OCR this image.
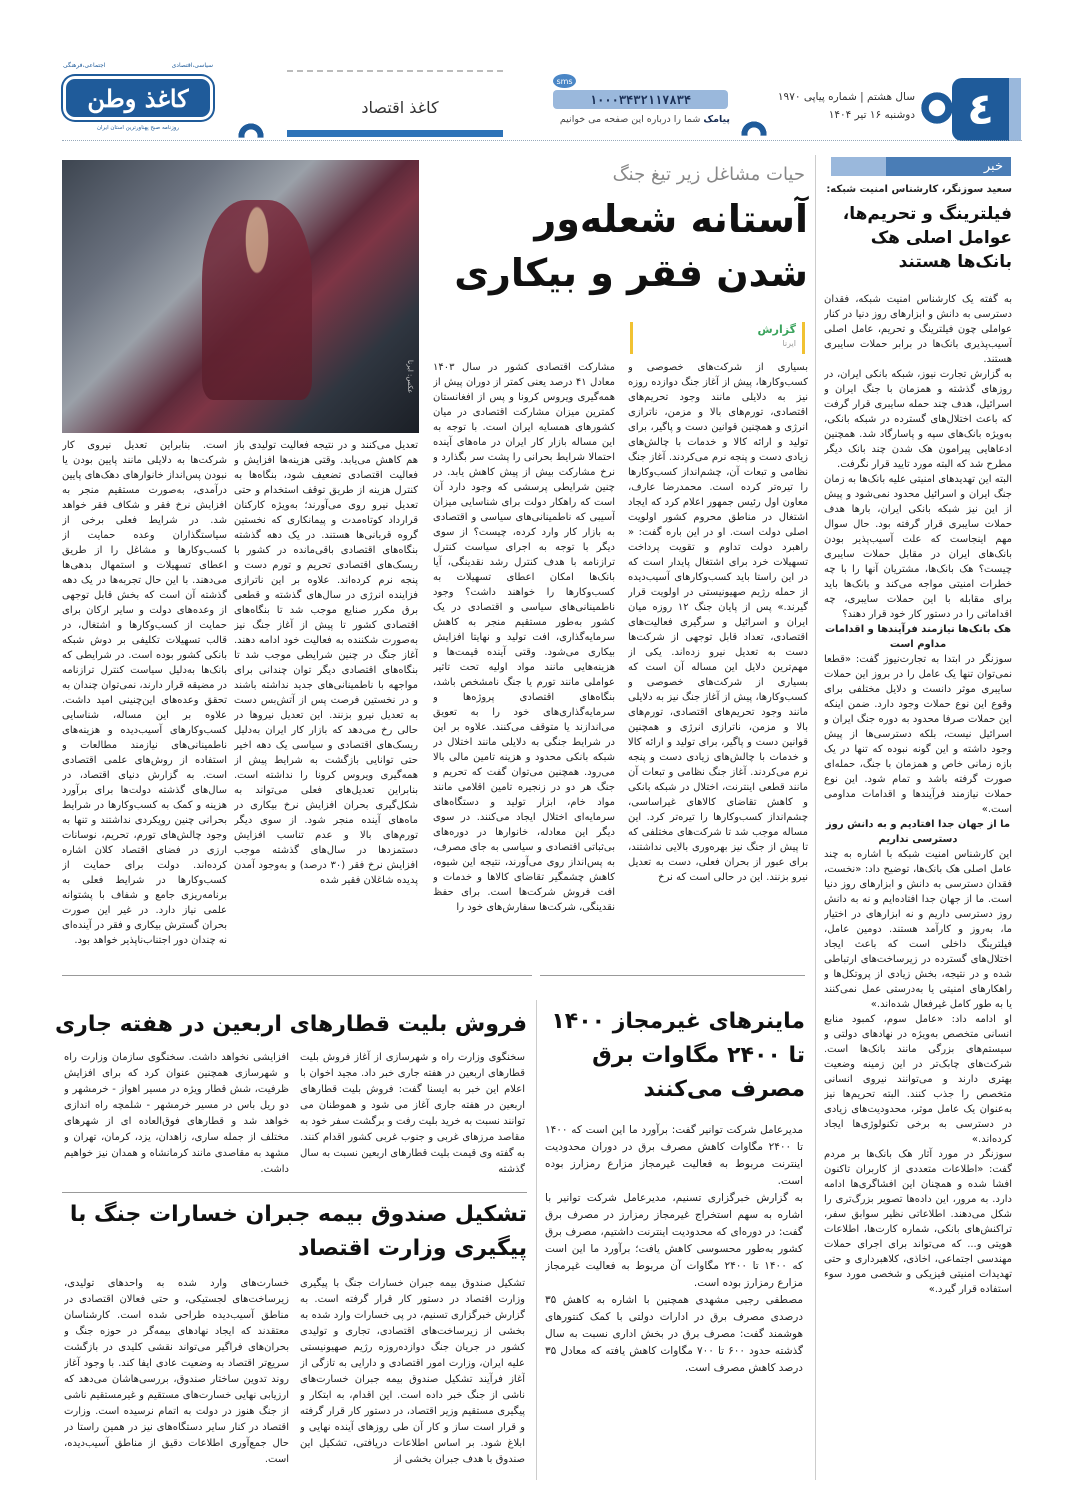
٤
سال هشتم | شماره پیاپی ۱۹۷۰
دوشنبه ۱۶ تیر ۱۴۰۴
۱۰۰۰۳۴۳۲۱۱۷۸۳۴
sms
پیامک شما را درباره این صفحه می خوانیم
کاغذ اقتصاد
سیاسی،اقتصادی
اجتماعی،فرهنگی
کاغذ وطن
روزنامه صبح پهناورترین استان ایران
خبر
سعید سوزنگر، کارشناس امنیت شبکه:
فیلترینگ و تحریم‌ها، عوامل اصلی هک بانک‌ها هستند

به گفته یک کارشناس امنیت شبکه، فقدان دسترسی به دانش و ابزارهای روز دنیا در کنار عواملی چون فیلترینگ و تحریم، عامل اصلی آسیب‌پذیری بانک‌ها در برابر حملات سایبری هستند.

به گزارش تجارت نیوز، شبکه بانکی ایران، در روزهای گذشته و همزمان با جنگ ایران و اسرائیل، هدف چند حمله سایبری قرار گرفت که باعث اختلال‌های گسترده در شبکه بانکی، به‌ویژه بانک‌های سپه و پاسارگاد شد. همچنین ادعاهایی پیرامون هک شدن چند بانک دیگر مطرح شد که البته مورد تایید قرار نگرفت.

البته این تهدیدهای امنیتی علیه بانک‌ها به زمان جنگ ایران و اسرائیل محدود نمی‌شود و پیش از این نیز شبکه بانکی ایران، بارها هدف حملات سایبری قرار گرفته بود. حال سوال مهم اینجاست که علت آسیب‌پذیر بودن بانک‌های ایران در مقابل حملات سایبری چیست؟ هک بانک‌ها، مشتریان آنها را با چه خطرات امنیتی مواجه می‌کند و بانک‌ها باید برای مقابله با این حملات سایبری، چه اقداماتی را در دستور کار خود قرار دهند؟

هک بانک‌ها نیازمند فرآیندها و اقدامات مداوم است

سوزنگر در ابتدا به تجارت‌نیوز گفت: «قطعا نمی‌توان تنها یک عامل را در بروز این حملات سایبری موثر دانست و دلایل مختلفی برای وقوع این نوع حملات وجود دارد. ضمن اینکه این حملات صرفا محدود به دوره جنگ ایران و اسرائیل نیست، بلکه دسترسی‌ها از پیش وجود داشته و این گونه نبوده که تنها در یک بازه زمانی خاص و همزمان با جنگ، حمله‌ای صورت گرفته باشد و تمام شود. این نوع حملات نیازمند فرآیندها و اقدامات مداومی است.»

ما از جهان جدا افتادیم و به دانش روز دسترسی نداریم

این کارشناس امنیت شبکه با اشاره به چند عامل اصلی هک بانک‌ها، توضیح داد: «نخست، فقدان دسترسی به دانش و ابزارهای روز دنیا است. ما از جهان جدا افتاده‌ایم و نه به دانش روز دسترسی داریم و نه ابزارهای در اختیار ما، به‌روز و کارآمد هستند. دومین عامل، فیلترینگ داخلی است که باعث ایجاد اختلال‌های گسترده در زیرساخت‌های ارتباطی شده و در نتیجه، بخش زیادی از پروتکل‌ها و راهکارهای امنیتی یا به‌درستی عمل نمی‌کنند یا به طور کامل غیرفعال شده‌اند.»

او ادامه داد: «عامل سوم، کمبود منابع انسانی متخصص به‌ویژه در نهادهای دولتی و سیستم‌های بزرگی مانند بانک‌ها است. شرکت‌های چابک‌تر در این زمینه وضعیت بهتری دارند و می‌توانند نیروی انسانی متخصص را جذب کنند. البته تحریم‌ها نیز به‌عنوان یک عامل موثر، محدودیت‌های زیادی در دسترسی به برخی تکنولوژی‌ها ایجاد کرده‌اند.»

سوزنگر در مورد آثار هک بانک‌ها بر مردم گفت: «اطلاعات متعددی از کاربران تاکنون افشا شده و همچنان این افشاگری‌ها ادامه دارد. به مرور، این داده‌ها تصویر بزرگ‌تری را شکل می‌دهند. اطلاعاتی نظیر سوابق سفر، تراکنش‌های بانکی، شماره کارت‌ها، اطلاعات هویتی و... که می‌تواند برای اجرای حملات مهندسی اجتماعی، اخاذی، کلاهبرداری و حتی تهدیدات امنیتی فیزیکی و شخصی مورد سوء استفاده قرار گیرد.»

عکس: ایرنا
حیات مشاغل زیر تیغ جنگ
آستانه شعله‌ور شدن فقر و بیکاری
گزارش
ایرنا

بسیاری از شرکت‌های خصوصی و کسب‌وکارها، پیش از آغاز جنگ دوازده روزه نیز به دلایلی مانند وجود تحریم‌های اقتصادی، تورم‌های بالا و مزمن، ناترازی انرژی و همچنین قوانین دست و پاگیر، برای تولید و ارائه کالا و خدمات با چالش‌های زیادی دست و پنجه نرم می‌کردند. آغاز جنگ نظامی و تبعات آن، چشم‌انداز کسب‌وکارها را تیره‌تر کرده است. محمدرضا عارف، معاون اول رئیس جمهور اعلام کرد که ایجاد اشتغال در مناطق محروم کشور اولویت اصلی دولت است. او در این باره گفت: « راهبرد دولت تداوم و تقویت پرداخت تسهیلات خرد برای اشتغال پایدار است که در این راستا باید کسب‌وکارهای آسیب‌دیده از حمله رژیم صهیونیستی در اولویت قرار گیرند.» پس از پایان جنگ ۱۲ روزه میان ایران و اسرائیل و سرگیری فعالیت‌های اقتصادی، تعداد قابل توجهی از شرکت‌ها دست به تعدیل نیرو زده‌اند. یکی از مهم‌ترین دلایل این مساله آن است که بسیاری از شرکت‌های خصوصی و کسب‌وکارها، پیش از آغاز جنگ نیز به دلایلی مانند وجود تحریم‌های اقتصادی، تورم‌های بالا و مزمن، ناترازی انرژی و همچنین قوانین دست و پاگیر، برای تولید و ارائه کالا و خدمات با چالش‌های زیادی دست و پنجه نرم می‌کردند. آغاز جنگ نظامی و تبعات آن مانند قطعی اینترنت، اختلال در شبکه بانکی و کاهش تقاضای کالاهای غیراساسی، چشم‌انداز کسب‌وکارها را تیره‌تر کرد. این مساله موجب شد تا شرکت‌های مختلفی که تا پیش از جنگ نیز بهره‌وری بالایی نداشتند، برای عبور از بحران فعلی، دست به تعدیل نیرو بزنند. این در حالی است که نرخ

مشارکت اقتصادی کشور در سال ۱۴۰۳ معادل ۴۱ درصد یعنی کمتر از دوران پیش از همه‌گیری ویروس کرونا و پس از افغانستان کمترین میزان مشارکت اقتصادی در میان کشورهای همسایه ایران است. با توجه به این مساله بازار کار ایران در ماه‌های آینده احتمالا شرایط بحرانی را پشت سر بگذارد و نرخ مشارکت بیش از پیش کاهش یابد. در چنین شرایطی پرسشی که وجود دارد آن است که راهکار دولت برای شناسایی میزان آسیبی که ناطمینانی‌های سیاسی و اقتصادی به بازار کار وارد کرده، چیست؟ از سوی دیگر با توجه به اجرای سیاست کنترل ترازنامه با هدف کنترل رشد نقدینگی، آیا بانک‌ها امکان اعطای تسهیلات به کسب‌وکارها را خواهند داشت؟ وجود ناطمینانی‌های سیاسی و اقتصادی در یک کشور به‌طور مستقیم منجر به کاهش سرمایه‌گذاری، افت تولید و نهایتا افزایش بیکاری می‌شود. وقتی آینده قیمت‌ها و هزینه‌هایی مانند مواد اولیه تحت تاثیر عواملی مانند تورم یا جنگ نامشخص باشد، بنگاه‌های اقتصادی پروژه‌ها و سرمایه‌گذاری‌های خود را به تعویق می‌اندازند یا متوقف می‌کنند. علاوه بر این در شرایط جنگی به دلایلی مانند اختلال در شبکه بانکی محدود و هزینه تامین مالی بالا می‌رود. همچنین می‌توان گفت که تحریم و جنگ هر دو در زنجیره تامین اقلامی مانند مواد خام، ابزار تولید و دستگاه‌های سرمایه‌ای اختلال ایجاد می‌کنند. در سوی دیگر این معادله، خانوارها در دوره‌های بی‌ثباتی اقتصادی و سیاسی به جای مصرف، به پس‌انداز روی می‌آورند، نتیجه این شیوه، کاهش چشمگیر تقاضای کالاها و خدمات و افت فروش شرکت‌ها است. برای حفظ نقدینگی، شرکت‌ها سفارش‌های خود را

تعدیل می‌کنند و در نتیجه فعالیت تولیدی باز هم کاهش می‌یابد. وقتی هزینه‌ها افزایش و فعالیت اقتصادی تضعیف شود، بنگاه‌ها به کنترل هزینه از طریق توقف استخدام و حتی تعدیل نیرو روی می‌آورند؛ به‌ویژه کارکنان قرارداد کوتاه‌مدت و پیمانکاری که نخستین گروه قربانی‌ها هستند. در یک دهه گذشته بنگاه‌های اقتصادی باقی‌مانده در کشور با ریسک‌های اقتصادی تحریم و تورم دست و پنجه نرم کرده‌اند. علاوه بر این ناترازی فزاینده انرژی در سال‌های گذشته و قطعی برق مکرر صنایع موجب شد تا بنگاه‌های اقتصادی کشور تا پیش از آغاز جنگ نیز به‌صورت شکننده به فعالیت خود ادامه دهند. آغاز جنگ در چنین شرایطی موجب شد تا بنگاه‌های اقتصادی دیگر توان چندانی برای مواجهه با ناطمینانی‌های جدید نداشته باشند و در نخستین فرصت پس از آتش‌بس دست به تعدیل نیرو بزنند. این تعدیل نیروها در حالی رخ می‌دهد که بازار کار ایران به‌دلیل ریسک‌های اقتصادی و سیاسی یک دهه اخیر حتی توانایی بازگشت به شرایط پیش از همه‌گیری ویروس کرونا را نداشته است. بنابراین تعدیل‌های فعلی می‌تواند به شکل‌گیری بحران افزایش نرخ بیکاری در ماه‌های آینده منجر شود. از سوی دیگر تورم‌های بالا و عدم تناسب افزایش دستمزدها در سال‌های گذشته موجب افزایش نرخ فقر (۳۰ درصد) و به‌وجود آمدن پدیده شاغلان فقیر شده

است. بنابراین تعدیل نیروی کار شرکت‌ها به دلایلی مانند پایین بودن یا نبودن پس‌انداز خانوارهای دهک‌های پایین درآمدی، به‌صورت مستقیم منجر به افزایش نرخ فقر و شکاف فقر خواهد شد. در شرایط فعلی برخی از سیاستگذاران وعده حمایت از کسب‌وکارها و مشاغل را از طریق اعطای تسهیلات و استمهال بدهی‌ها می‌دهند. با این حال تجربه‌ها در یک دهه گذشته آن است که بخش قابل توجهی از وعده‌های دولت و سایر ارکان برای حمایت از کسب‌وکارها و اشتغال، در قالب تسهیلات تکلیفی بر دوش شبکه بانکی کشور بوده است. در شرایطی که بانک‌ها به‌دلیل سیاست کنترل ترازنامه در مضیقه قرار دارند، نمی‌توان چندان به تحقق وعده‌های این‌چنینی امید داشت. علاوه بر این مساله، شناسایی کسب‌وکارهای آسیب‌دیده و هزینه‌های ناطمینانی‌های نیازمند مطالعات و استفاده از روش‌های علمی اقتصادی است. به گزارش دنیای اقتصاد، در سال‌های گذشته دولت‌ها برای برآورد هزینه و کمک به کسب‌وکارها در شرایط بحرانی چنین رویکردی نداشتند و تنها به وجود چالش‌های تورم، تحریم، نوسانات ارزی در فضای اقتصاد کلان اشاره کرده‌اند. دولت برای حمایت از کسب‌وکارها در شرایط فعلی به برنامه‌ریزی جامع و شفاف با پشتوانه علمی نیاز دارد. در غیر این صورت بحران گسترش بیکاری و فقر در آینده‌ای نه چندان دور اجتناب‌ناپذیر خواهد بود.

ماینرهای غیرمجاز ۱۴۰۰ تا ۲۴۰۰ مگاوات برق مصرف می‌کنند

مدیرعامل شرکت توانیر گفت: برآورد ما این است که ۱۴۰۰ تا ۲۴۰۰ مگاوات کاهش مصرف برق در دوران محدودیت اینترنت مربوط به فعالیت غیرمجاز مزارع رمزارز بوده است.

به گزارش خبرگزاری تسنیم، مدیرعامل شرکت توانیر با اشاره به سهم استخراج غیرمجاز رمزارز در مصرف برق گفت: در دوره‌ای که محدودیت اینترنت داشتیم، مصرف برق کشور به‌طور محسوسی کاهش یافت؛ برآورد ما این است که ۱۴۰۰ تا ۲۴۰۰ مگاوات آن مربوط به فعالیت غیرمجاز مزارع رمزارز بوده است.

مصطفی رجبی مشهدی همچنین با اشاره به کاهش ۳۵ درصدی مصرف برق در ادارات دولتی با کمک کنتورهای هوشمند گفت: مصرف برق در بخش اداری نسبت به سال گذشته حدود ۶۰۰ تا ۷۰۰ مگاوات کاهش یافته که معادل ۳۵ درصد کاهش مصرف است.

فروش بلیت قطارهای اربعین در هفته جاری

سخنگوی وزارت راه و شهرسازی از آغاز فروش بلیت قطارهای اربعین در هفته جاری خبر داد. مجید اخوان با اعلام این خبر به ایسنا گفت: فروش بلیت قطارهای اربعین در هفته جاری آغاز می شود و هموطنان می توانند نسبت به خرید بلیت رفت و برگشت سفر خود به مقاصد مرزهای غربی و جنوب غربی کشور اقدام کنند. به گفته وی قیمت بلیت قطارهای اربعین نسبت به سال گذشته

افزایشی نخواهد داشت. سخنگوی سازمان وزارت راه و شهرسازی همچنین عنوان کرد که برای افزایش ظرفیت، شش قطار ویژه در مسیر اهواز - خرمشهر و دو ریل باس در مسیر خرمشهر - شلمچه راه اندازی خواهد شد و قطارهای فوق‌العاده ای از شهرهای مختلف از جمله ساری، زاهدان، یزد، کرمان، تهران و مشهد به مقاصدی مانند کرمانشاه و همدان نیز خواهیم داشت.

تشکیل صندوق بیمه جبران خسارات جنگ با پیگیری وزارت اقتصاد

تشکیل صندوق بیمه جبران خسارات جنگ با پیگیری وزارت اقتصاد در دستور کار قرار گرفته است. به گزارش خبرگزاری تسنیم، در پی خسارات وارد شده به بخشی از زیرساخت‌های اقتصادی، تجاری و تولیدی کشور در جریان جنگ دوازده‌روزه رژیم صهیونیستی علیه ایران، وزارت امور اقتصادی و دارایی به تازگی از آغاز فرآیند تشکیل صندوق بیمه جبران خسارت‌های ناشی از جنگ خبر داده است. این اقدام، به ابتکار و پیگیری مستقیم وزیر اقتصاد، در دستور کار قرار گرفته و قرار است ساز و کار آن طی روزهای آینده نهایی و ابلاغ شود. بر اساس اطلاعات دریافتی، تشکیل این صندوق با هدف جبران بخشی از

خسارت‌های وارد شده به واحدهای تولیدی، زیرساخت‌های لجستیکی، و حتی فعالان اقتصادی در مناطق آسیب‌دیده طراحی شده است. کارشناسان معتقدند که ایجاد نهادهای بیمه‌گر در حوزه جنگ و بحران‌های فراگیر می‌تواند نقشی کلیدی در بازگشت سریع‌تر اقتصاد به وضعیت عادی ایفا کند. با وجود آغاز روند تدوین ساختار صندوق، بررسی‌هاشان می‌دهد که ارزیابی نهایی خسارت‌های مستقیم و غیرمستقیم ناشی از جنگ هنوز در دولت به اتمام نرسیده است. وزارت اقتصاد در کنار سایر دستگاه‌های نیز در همین راستا در حال جمع‌آوری اطلاعات دقیق از مناطق آسیب‌دیده، است.
